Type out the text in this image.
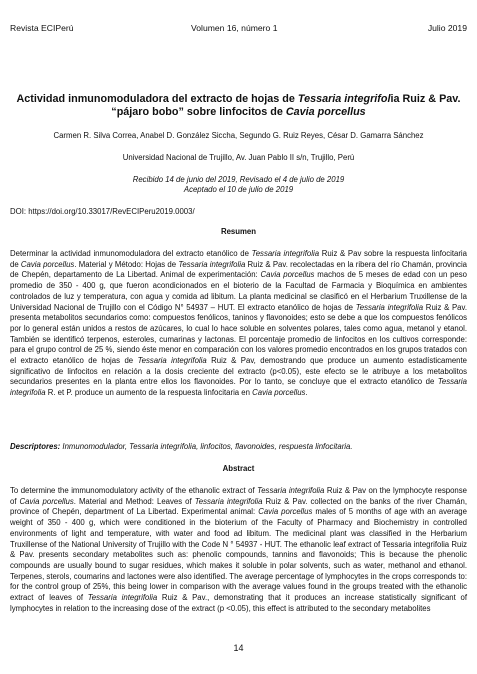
Revista ECIPerú	Volumen 16, número 1	Julio 2019
Actividad inmunomoduladora del extracto de hojas de Tessaria integrifolia Ruiz & Pav. “pájaro bobo” sobre linfocitos de Cavia porcellus
Carmen R. Silva Correa, Anabel D. González Siccha, Segundo G. Ruiz Reyes, César D. Gamarra Sánchez
Universidad Nacional de Trujillo, Av. Juan Pablo II s/n, Trujillo, Perú
Recibido 14 de junio del 2019, Revisado el 4 de julio de 2019
Aceptado el 10 de julio de 2019
DOI: https://doi.org/10.33017/RevECIPeru2019.0003/
Resumen
Determinar la actividad inmunomoduladora del extracto etanólico de Tessaria integrifolia Ruiz & Pav sobre la respuesta linfocitaria de Cavia porcellus. Material y Método: Hojas de Tessaria integrifolia Ruiz & Pav. recolectadas en la ribera del río Chamán, provincia de Chepén, departamento de La Libertad. Animal de experimentación: Cavia porcellus machos de 5 meses de edad con un peso promedio de 350 - 400 g, que fueron acondicionados en el bioterio de la Facultad de Farmacia y Bioquímica en ambientes controlados de luz y temperatura, con agua y comida ad libitum. La planta medicinal se clasificó en el Herbarium Truxillense de la Universidad Nacional de Trujillo con el Código N° 54937 – HUT. El extracto etanólico de hojas de Tessaria integrifolia Ruiz & Pav. presenta metabolitos secundarios como: compuestos fenólicos, taninos y flavonoides; esto se debe a que los compuestos fenólicos por lo general están unidos a restos de azúcares, lo cual lo hace soluble en solventes polares, tales como agua, metanol y etanol. También se identificó terpenos, esteroles, cumarinas y lactonas. El porcentaje promedio de linfocitos en los cultivos corresponde: para el grupo control de 25 %, siendo éste menor en comparación con los valores promedio encontrados en los grupos tratados con el extracto etanólico de hojas de Tessaria integrifolia Ruiz & Pav, demostrando que produce un aumento estadísticamente significativo de linfocitos en relación a la dosis creciente del extracto (p<0.05), este efecto se le atribuye a los metabolitos secundarios presentes en la planta entre ellos los flavonoides. Por lo tanto, se concluye que el extracto etanólico de Tessaria integrifolia R. et P. produce un aumento de la respuesta linfocitaria en Cavia porcellus.
Descriptores: Inmunomodulador, Tessaria integrifolia, linfocitos, flavonoides, respuesta linfocitaria.
Abstract
To determine the immunomodulatory activity of the ethanolic extract of Tessaria integrifolia Ruiz & Pav on the lymphocyte response of Cavia porcellus. Material and Method: Leaves of Tessaria integrifolia Ruiz & Pav. collected on the banks of the river Chamán, province of Chepén, department of La Libertad. Experimental animal: Cavia porcellus males of 5 months of age with an average weight of 350 - 400 g, which were conditioned in the bioterium of the Faculty of Pharmacy and Biochemistry in controlled environments of light and temperature, with water and food ad libitum. The medicinal plant was classified in the Herbarium Truxillense of the National University of Trujillo with the Code N ° 54937 - HUT. The ethanolic leaf extract of Tessaria integrifolia Ruiz & Pav. presents secondary metabolites such as: phenolic compounds, tannins and flavonoids; This is because the phenolic compounds are usually bound to sugar residues, which makes it soluble in polar solvents, such as water, methanol and ethanol. Terpenes, sterols, coumarins and lactones were also identified. The average percentage of lymphocytes in the crops corresponds to: for the control group of 25%, this being lower in comparison with the average values found in the groups treated with the ethanolic extract of leaves of Tessaria integrifolia Ruiz & Pav., demonstrating that it produces an increase statistically significant of lymphocytes in relation to the increasing dose of the extract (p <0.05), this effect is attributed to the secondary metabolites
14
